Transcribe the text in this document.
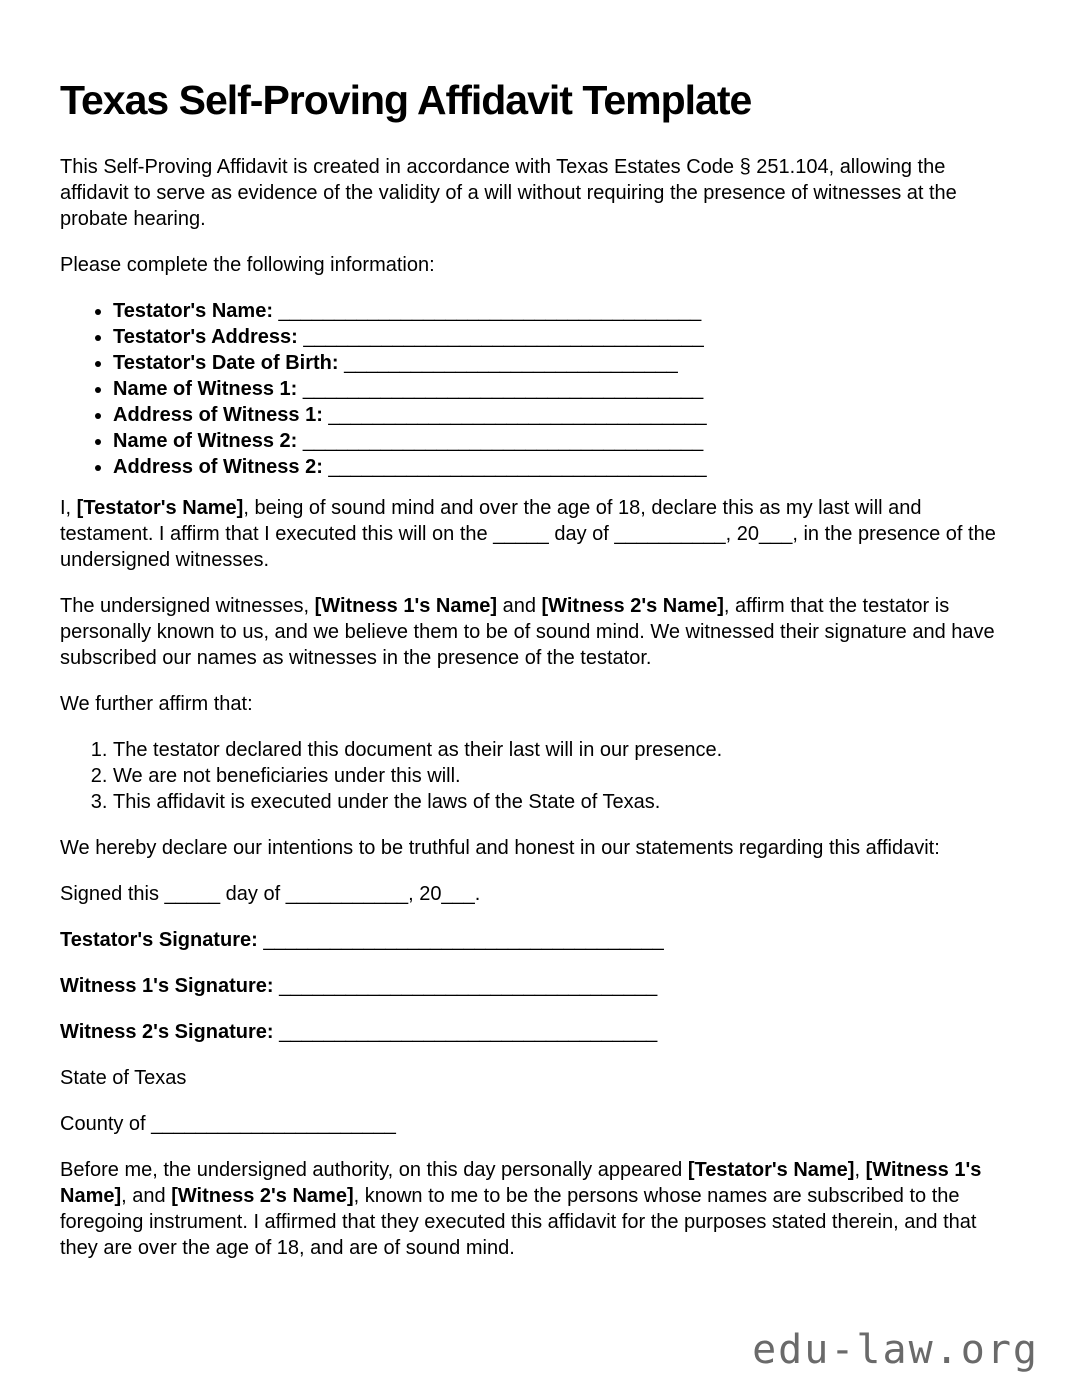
Texas Self-Proving Affidavit Template

This Self-Proving Affidavit is created in accordance with Texas Estates Code § 251.104, allowing the affidavit to serve as evidence of the validity of a will without requiring the presence of witnesses at the probate hearing.

Please complete the following information:

• Testator's Name: ______________________________________
• Testator's Address: ____________________________________
• Testator's Date of Birth: ______________________________
• Name of Witness 1: ____________________________________
• Address of Witness 1: __________________________________
• Name of Witness 2: ____________________________________
• Address of Witness 2: __________________________________

I, [Testator's Name], being of sound mind and over the age of 18, declare this as my last will and testament. I affirm that I executed this will on the _____ day of __________, 20___, in the presence of the undersigned witnesses.

The undersigned witnesses, [Witness 1's Name] and [Witness 2's Name], affirm that the testator is personally known to us, and we believe them to be of sound mind. We witnessed their signature and have subscribed our names as witnesses in the presence of the testator.

We further affirm that:

1. The testator declared this document as their last will in our presence.
2. We are not beneficiaries under this will.
3. This affidavit is executed under the laws of the State of Texas.

We hereby declare our intentions to be truthful and honest in our statements regarding this affidavit:

Signed this _____ day of ___________, 20___.

Testator's Signature: ____________________________________

Witness 1's Signature: __________________________________

Witness 2's Signature: __________________________________

State of Texas

County of ______________________

Before me, the undersigned authority, on this day personally appeared [Testator's Name], [Witness 1's Name], and [Witness 2's Name], known to me to be the persons whose names are subscribed to the foregoing instrument. I affirmed that they executed this affidavit for the purposes stated therein, and that they are over the age of 18, and are of sound mind.

edu-law.org
